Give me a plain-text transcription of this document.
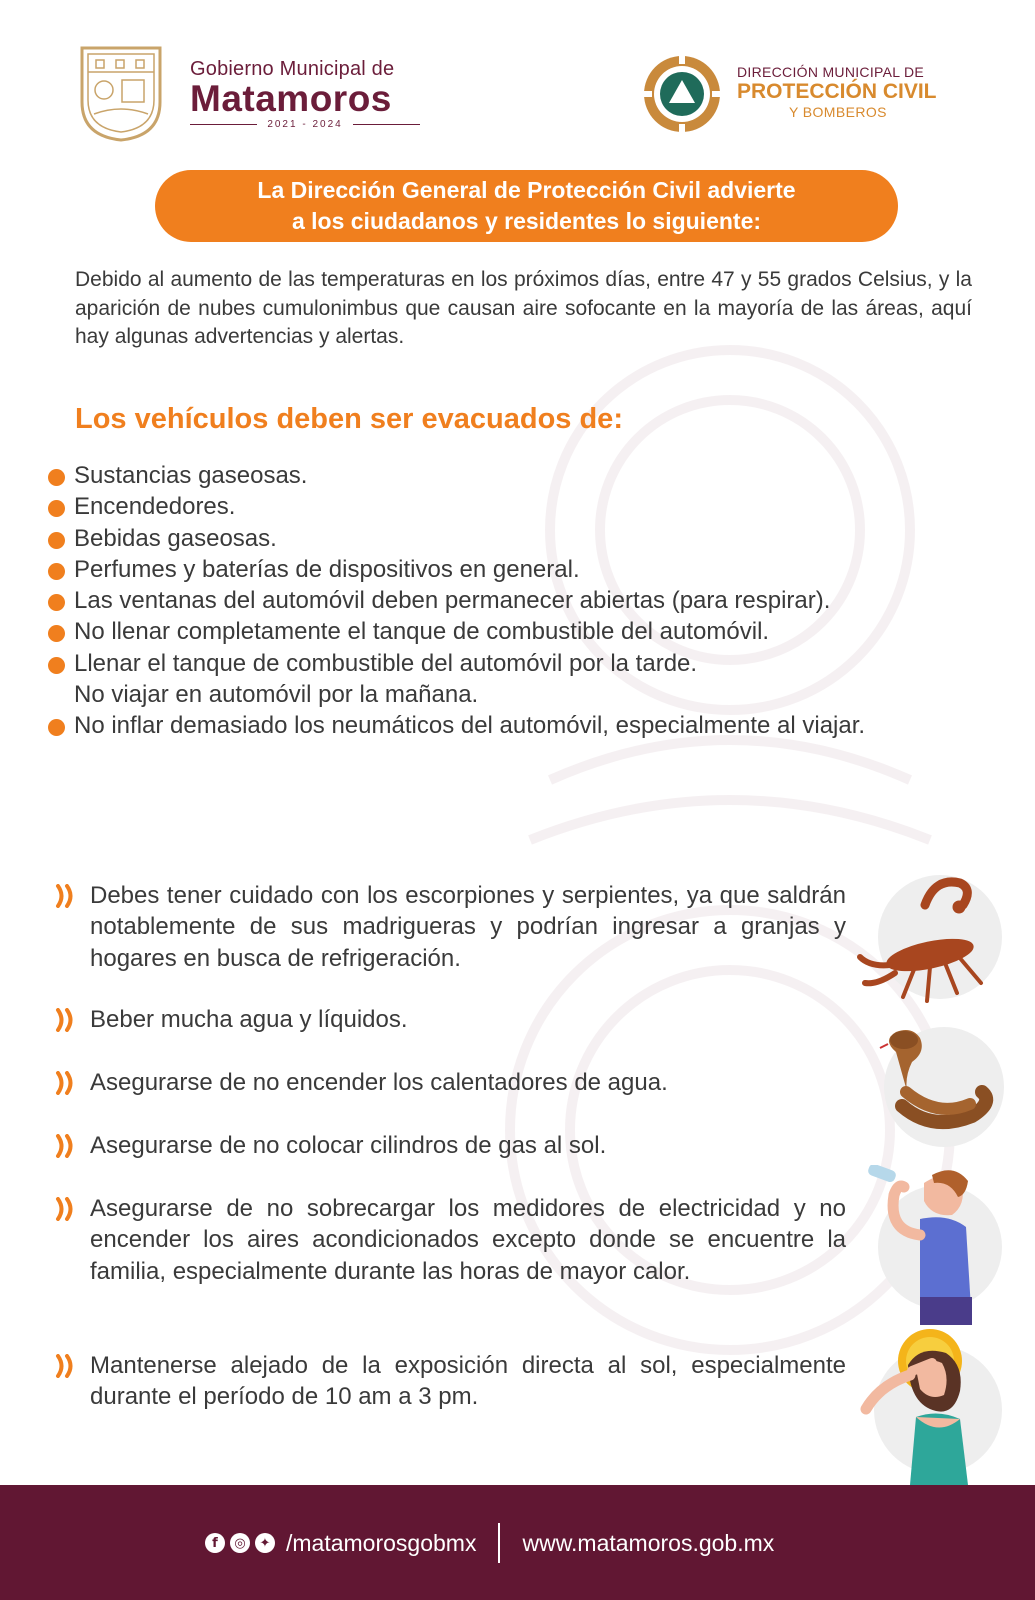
Gobierno Municipal de
Matamoros
2021 - 2024
DIRECCIÓN MUNICIPAL DE
PROTECCIÓN CIVIL
Y BOMBEROS
La Dirección General de Protección Civil advierte
a los ciudadanos y residentes lo siguiente:

Debido al aumento de las temperaturas en los próximos días, entre 47 y 55 grados Celsius, y la aparición de nubes cumulonimbus que causan aire sofocante en la mayoría de las áreas, aquí hay algunas advertencias y alertas.

Los vehículos deben ser evacuados de:
Sustancias gaseosas.
Encendedores.
Bebidas gaseosas.
Perfumes y baterías de dispositivos en general.
Las ventanas del automóvil deben permanecer abiertas (para respirar).
No llenar completamente el tanque de combustible del automóvil.
Llenar el tanque de combustible del automóvil por la tarde.
No viajar en automóvil por la mañana.
No inflar demasiado los neumáticos del automóvil, especialmente al viajar.
Debes tener cuidado con los escorpiones y serpientes, ya que saldrán notablemente de sus madrigueras y podrían ingresar a granjas y hogares en busca de refrigeración.
Beber mucha agua y líquidos.
Asegurarse de no encender los calentadores de agua.
Asegurarse de no colocar cilindros de gas al sol.
Asegurarse de no sobrecargar los medidores de electricidad y no encender los aires acondicionados excepto donde se encuentre la familia, especialmente durante las horas de mayor calor.
Mantenerse alejado de la exposición directa al sol, especialmente durante el período de 10 am a 3 pm.
f ◎ ✦ /matamorosgobmx www.matamoros.gob.mx
